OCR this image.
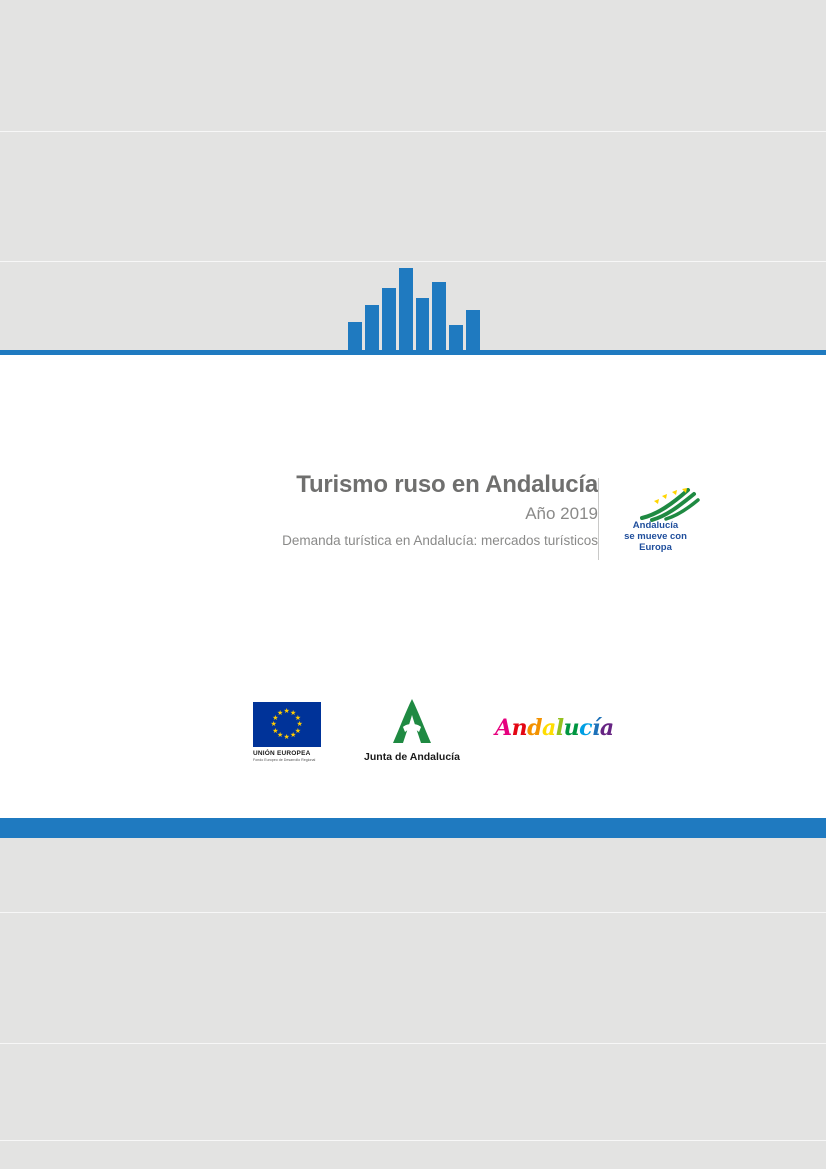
Turismo ruso en Andalucía
Año 2019
Demanda turística en Andalucía: mercados turísticos
Andalucía
se mueve con Europa
★ ★
★
★
★
★
★
★
★
★
★
★
UNIÓN EUROPEA
Fondo Europeo de Desarrollo Regional	Junta de Andalucía
Andalucía
